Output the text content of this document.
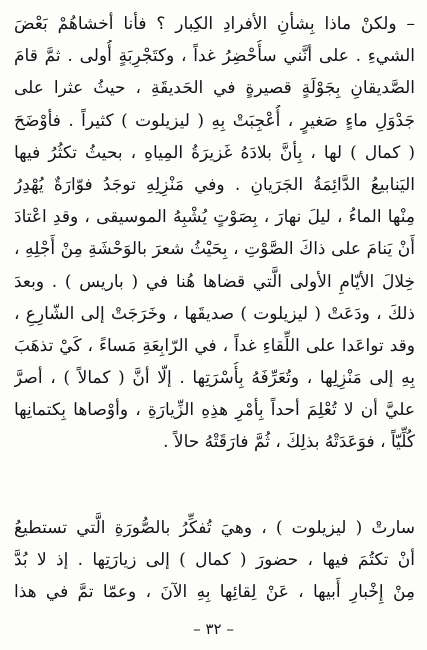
– ولكنْ ماذا بِشأنِ الأفرادِ الكِبار ؟ فأنا أخشاهُمْ بَعْضَ
الشيءِ . على أنَّني سأُحْضِرُ غداً ، وكتَجْرِبَةٍ أُولى . ثمَّ قامَ
الصَّديقانِ بِجَوْلَةٍ قصيرةٍ في الحَديقَةِ ، حيثُ عثرا على
جَدْوَلِ ماءٍ صَغيرٍ ، أُعْجِبَتْ بِهِ ( ليزيلوت ) كثيراً . فأوْضَحَ
( كمال ) لها ، بِأنَّ بلادَهُ غَزيرَةُ المِياهِ ، بحيثُ تكثُرُ فيها
اليَنابيعُ الدَّائِمَةُ الجَرَيانِ . وفي مَنْزِلِهِ توجَدُ فوّارَةٌ يُهْدِرُ
مِنْها الماءُ ، ليلَ نهارَ ، بِصَوْتٍ يُشْبِهُ الموسيقى ، وقدِ اعْتادَ
أَنْ يَنامَ على ذاكَ الصَّوْتِ ، بِحَيْثُ شعرَ بالوَحْشَةِ مِنْ أَجْلِهِ ،
خِلالَ الأيّامِ الأولى الَّتي قضاها هُنا في ( باريس ) . وبعدَ
ذلكَ ، ودَعَتْ ( ليزيلوت ) صديقَها ، وخَرَجَتْ إلى الشّارِعِ ،
وقد تواعَدا على اللِّقاءِ غداً ، في الرّابِعَةِ مَساءً ، كَيْ تذهَبَ
بِهِ إلى مَنْزِلِها ، وتُعَرِّفَهُ بِأُسْرَتِها . إلّا أنَّ ( كمالاً ) ، أصرَّ
عليَّ أن لا تُعْلِمَ أحداً بِأمْرِ هذِهِ الزِّيارَةِ ، وأوْصاها بِكتمانِها
كُلِّيّاً ، فوَعَدَتْهُ بذلِكَ ، ثُمَّ فارَقَتْهُ حالاً .
سارتْ ( ليزيلوت ) ، وهيَ تُفكِّرُ بالصُّورَةِ الَّتي تستطيعُ
أنْ تكتُمَ فيها ، حضورَ ( كمال ) إلى زيارَتِها . إذ لا بُدَّ
مِنْ إِخْبارِ أَبيها ، عَنْ لِقائِها بِهِ الآنَ ، وعمّا تمَّ في هذا
– ٣٢ –
